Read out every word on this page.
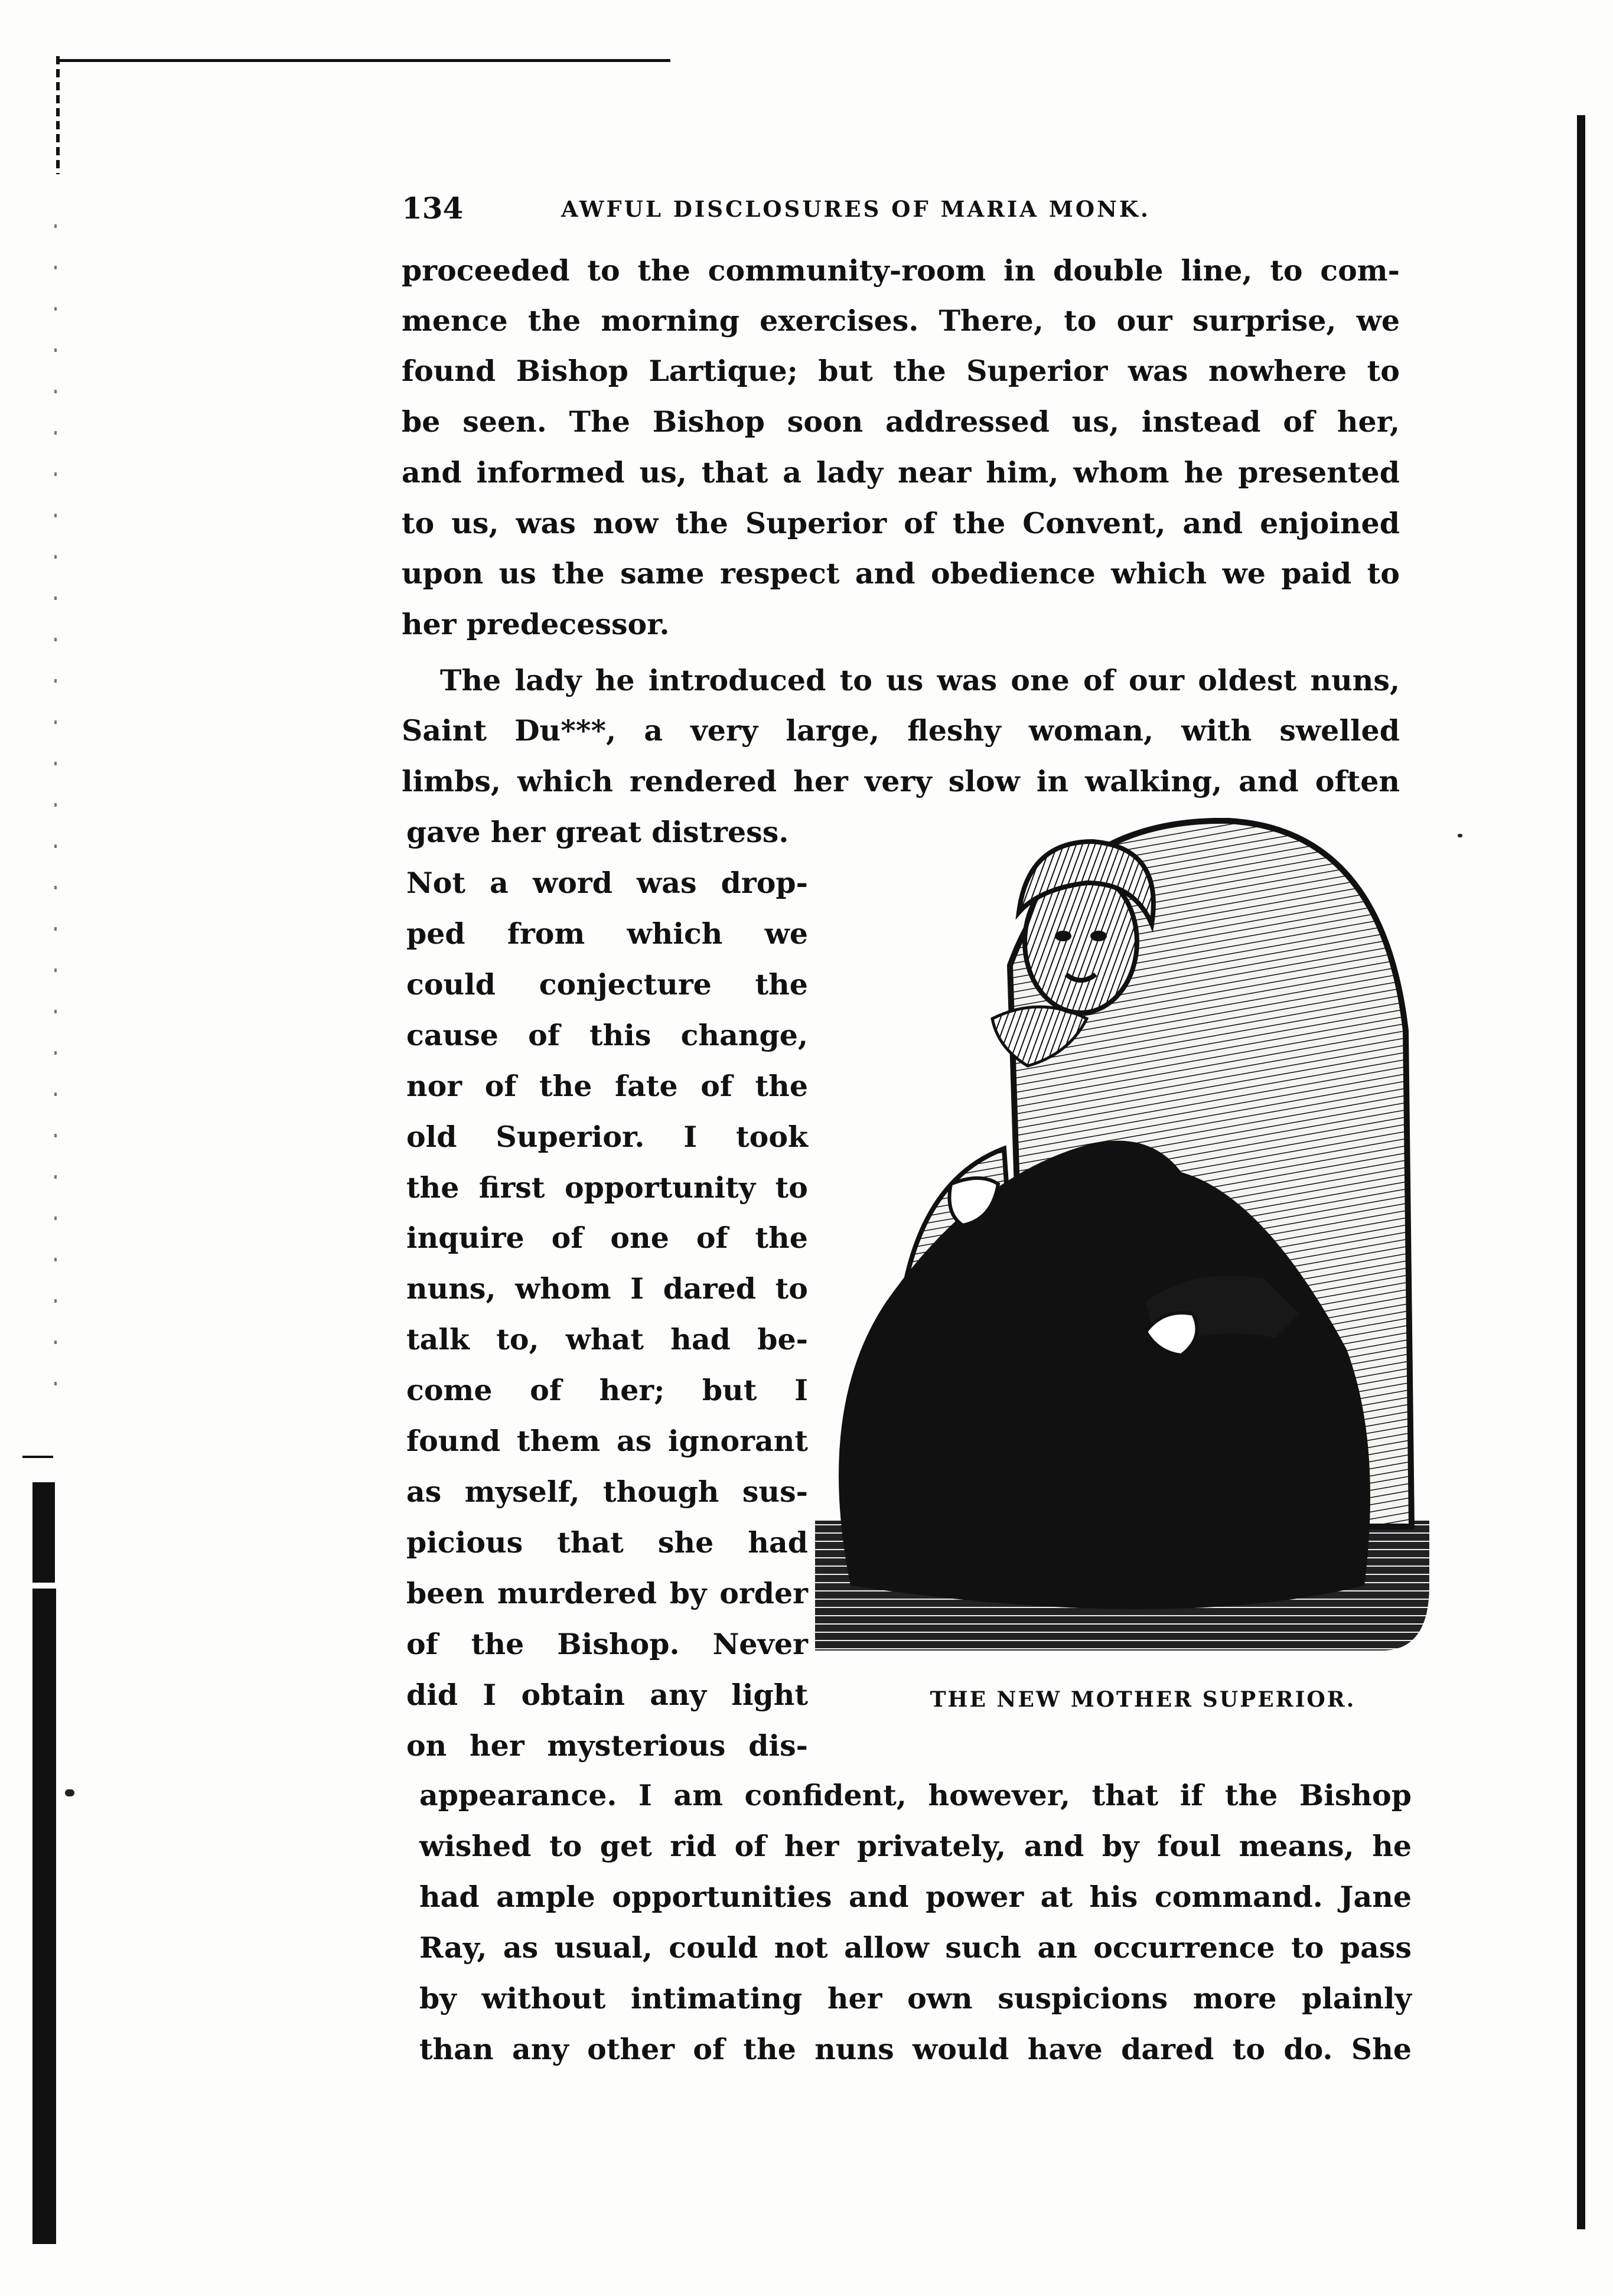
134	AWFUL DISCLOSURES OF MARIA MONK.
proceeded to the community-room in double line, to com-
mence the morning exercises. There, to our surprise, we
found Bishop Lartique; but the Superior was nowhere to
be seen. The Bishop soon addressed us, instead of her,
and informed us, that a lady near him, whom he presented
to us, was now the Superior of the Convent, and enjoined
upon us the same respect and obedience which we paid to
her predecessor.
The lady he introduced to us was one of our oldest nuns,
Saint Du***, a very large, fleshy woman, with swelled
limbs, which rendered her very slow in walking, and often
gave her great distress.
Not a word was drop-
ped from which we
could conjecture the
cause of this change,
nor of the fate of the
old Superior. I took
the first opportunity to
inquire of one of the
nuns, whom I dared to
talk to, what had be-
come of her; but I
found them as ignorant
as myself, though sus-
picious that she had
been murdered by order
of the Bishop. Never
did I obtain any light
on her mysterious dis-
appearance. I am confident, however, that if the Bishop
wished to get rid of her privately, and by foul means, he
had ample opportunities and power at his command. Jane
Ray, as usual, could not allow such an occurrence to pass
by without intimating her own suspicions more plainly
than any other of the nuns would have dared to do. She
THE NEW MOTHER SUPERIOR.
